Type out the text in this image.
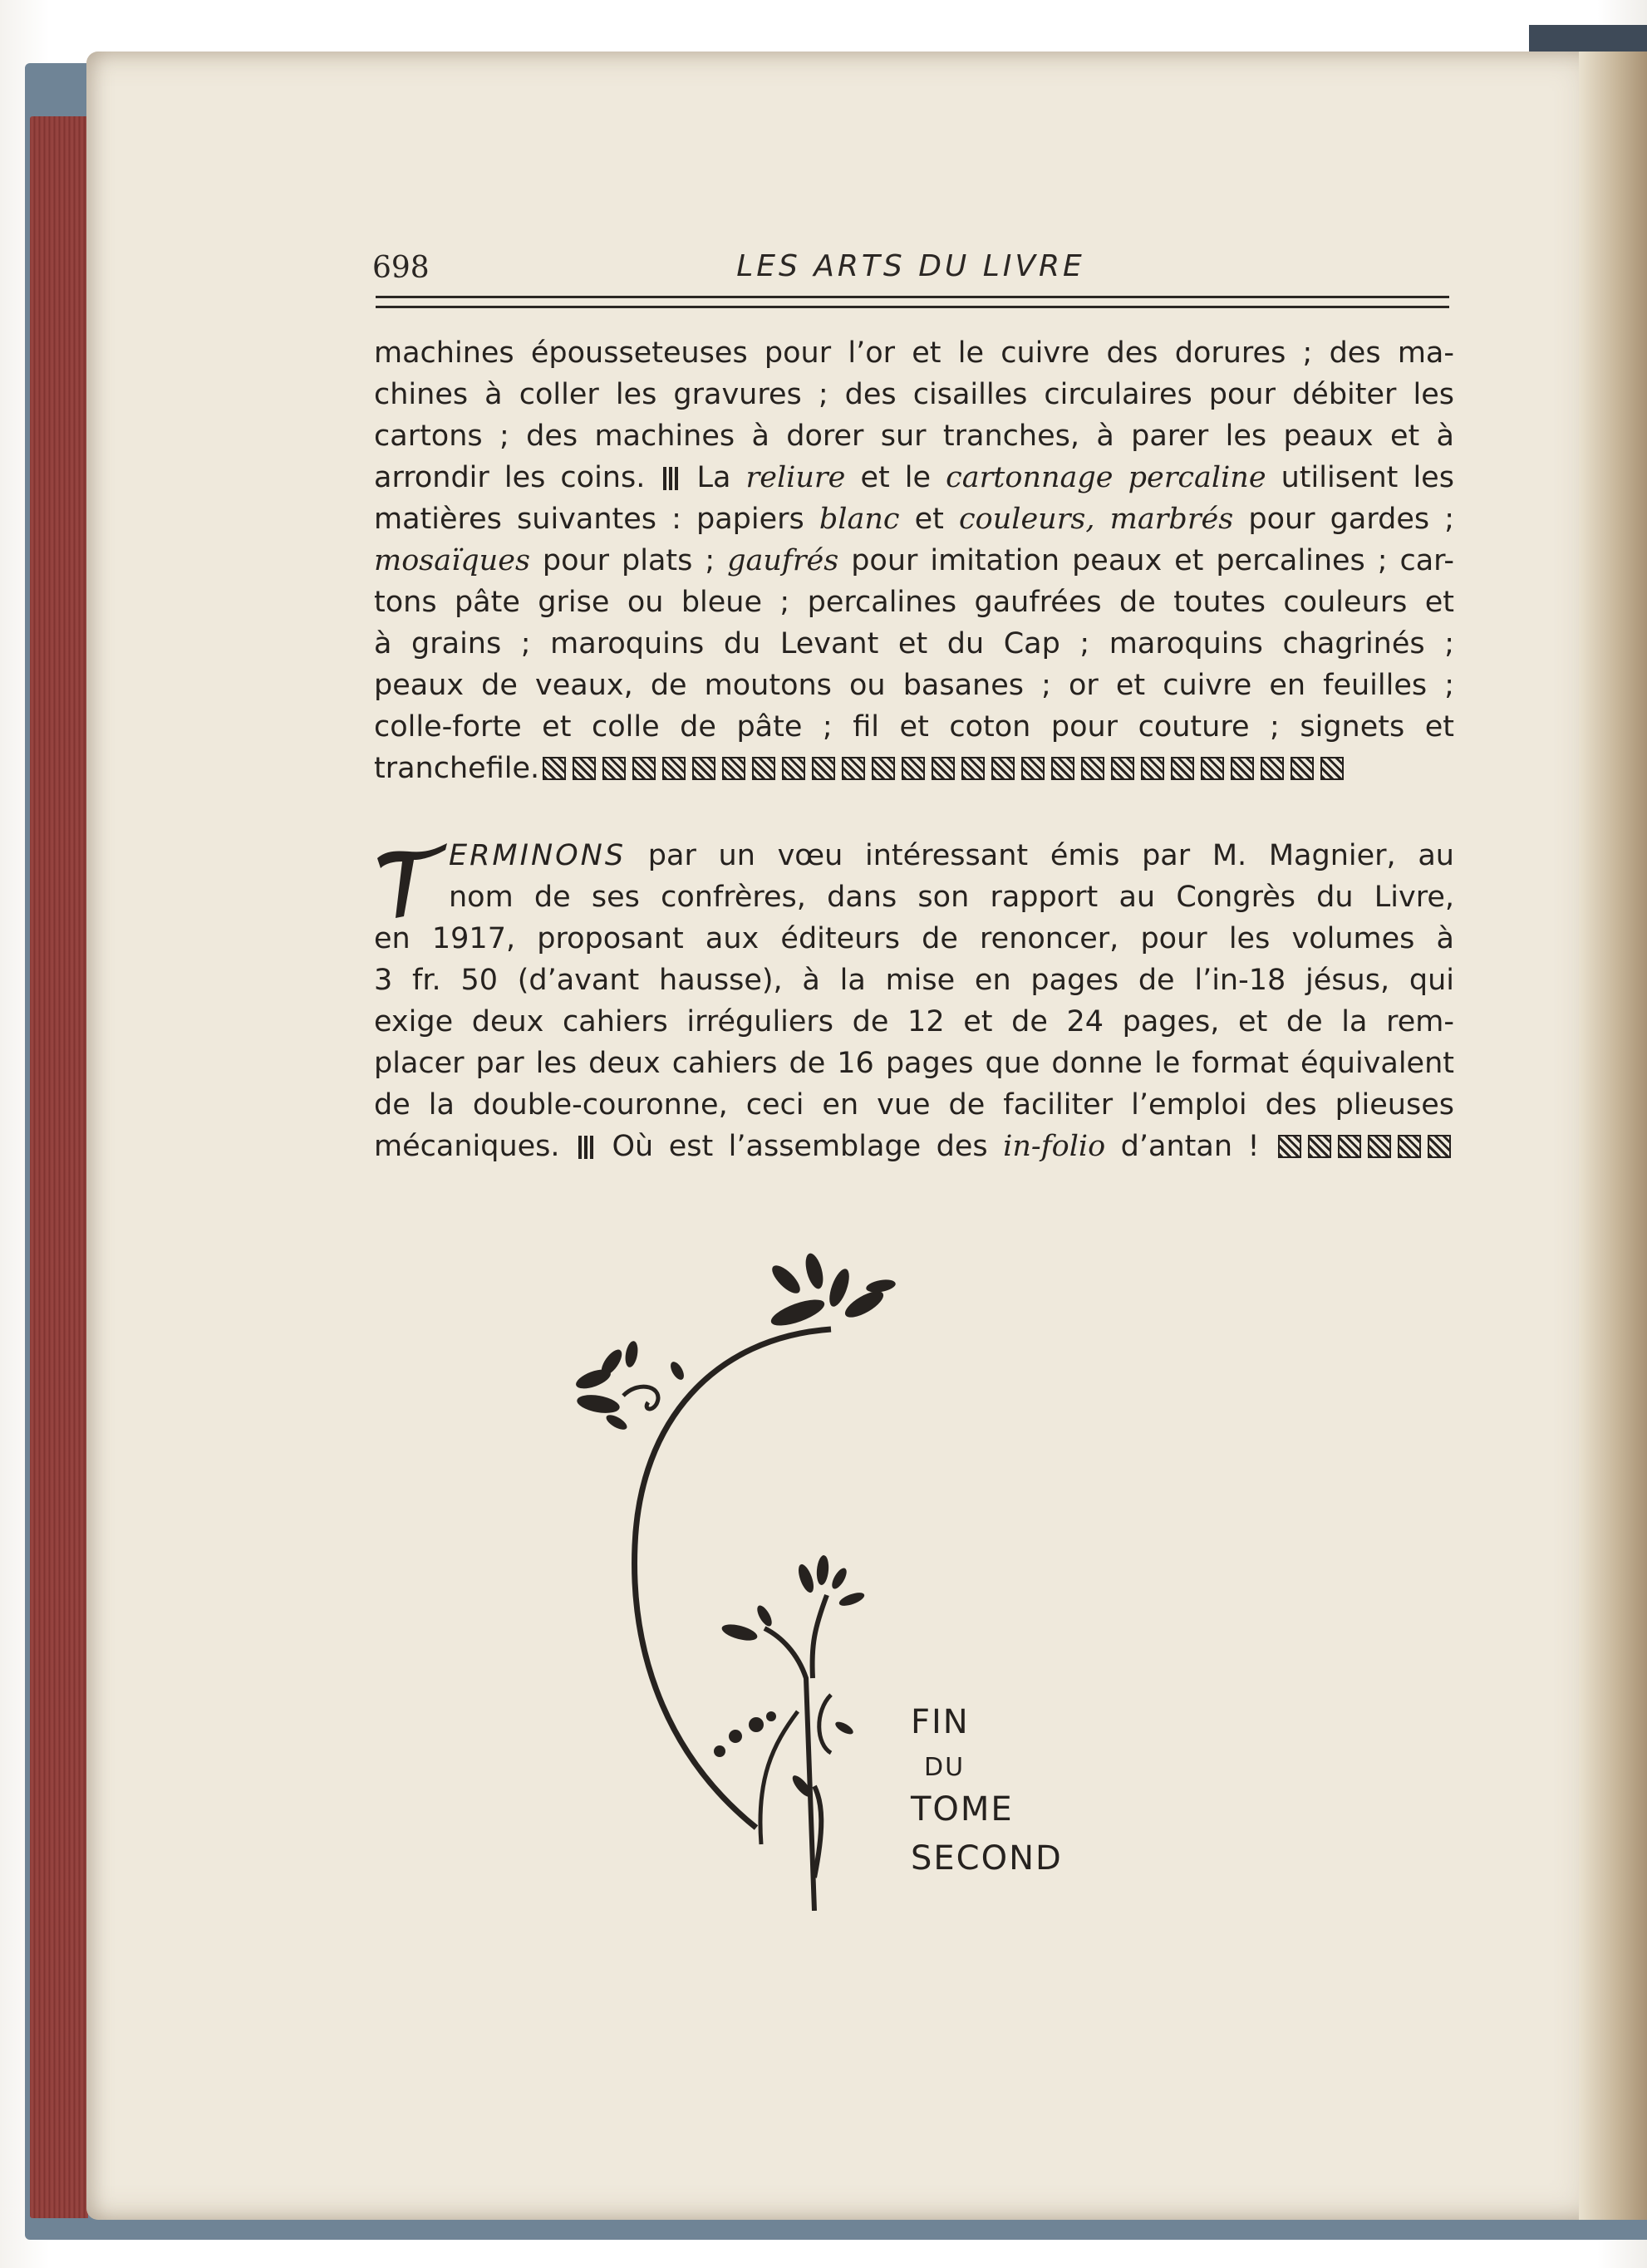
698	LES ARTS DU LIVRE
machines épousseteuses pour l’or et le cuivre des dorures ; des ma-
chines à coller les gravures ; des cisailles circulaires pour débiter les
cartons ; des machines à dorer sur tranches, à parer les peaux et à
arrondir les coins. La reliure et le cartonnage percaline utilisent les
matières suivantes : papiers blanc et couleurs, marbrés pour gardes ;
mosaïques pour plats ; gaufrés pour imitation peaux et percalines ; car-
tons pâte grise ou bleue ; percalines gaufrées de toutes couleurs et
à grains ; maroquins du Levant et du Cap ; maroquins chagrinés ;
peaux de veaux, de moutons ou basanes ; or et cuivre en feuilles ;
colle-forte et colle de pâte ; fil et coton pour couture ; signets et
tranchefile.
ERMINONS par un vœu intéressant émis par M. Magnier, au
nom de ses confrères, dans son rapport au Congrès du Livre,
en 1917, proposant aux éditeurs de renoncer, pour les volumes à
3 fr. 50 (d’avant hausse), à la mise en pages de l’in-18 jésus, qui
exige deux cahiers irréguliers de 12 et de 24 pages, et de la rem-
placer par les deux cahiers de 16 pages que donne le format équivalent
de la double-couronne, ceci en vue de faciliter l’emploi des plieuses
mécaniques. Où est l’assemblage des in-folio d’antan !
FIN
DU
TOME
SECOND
